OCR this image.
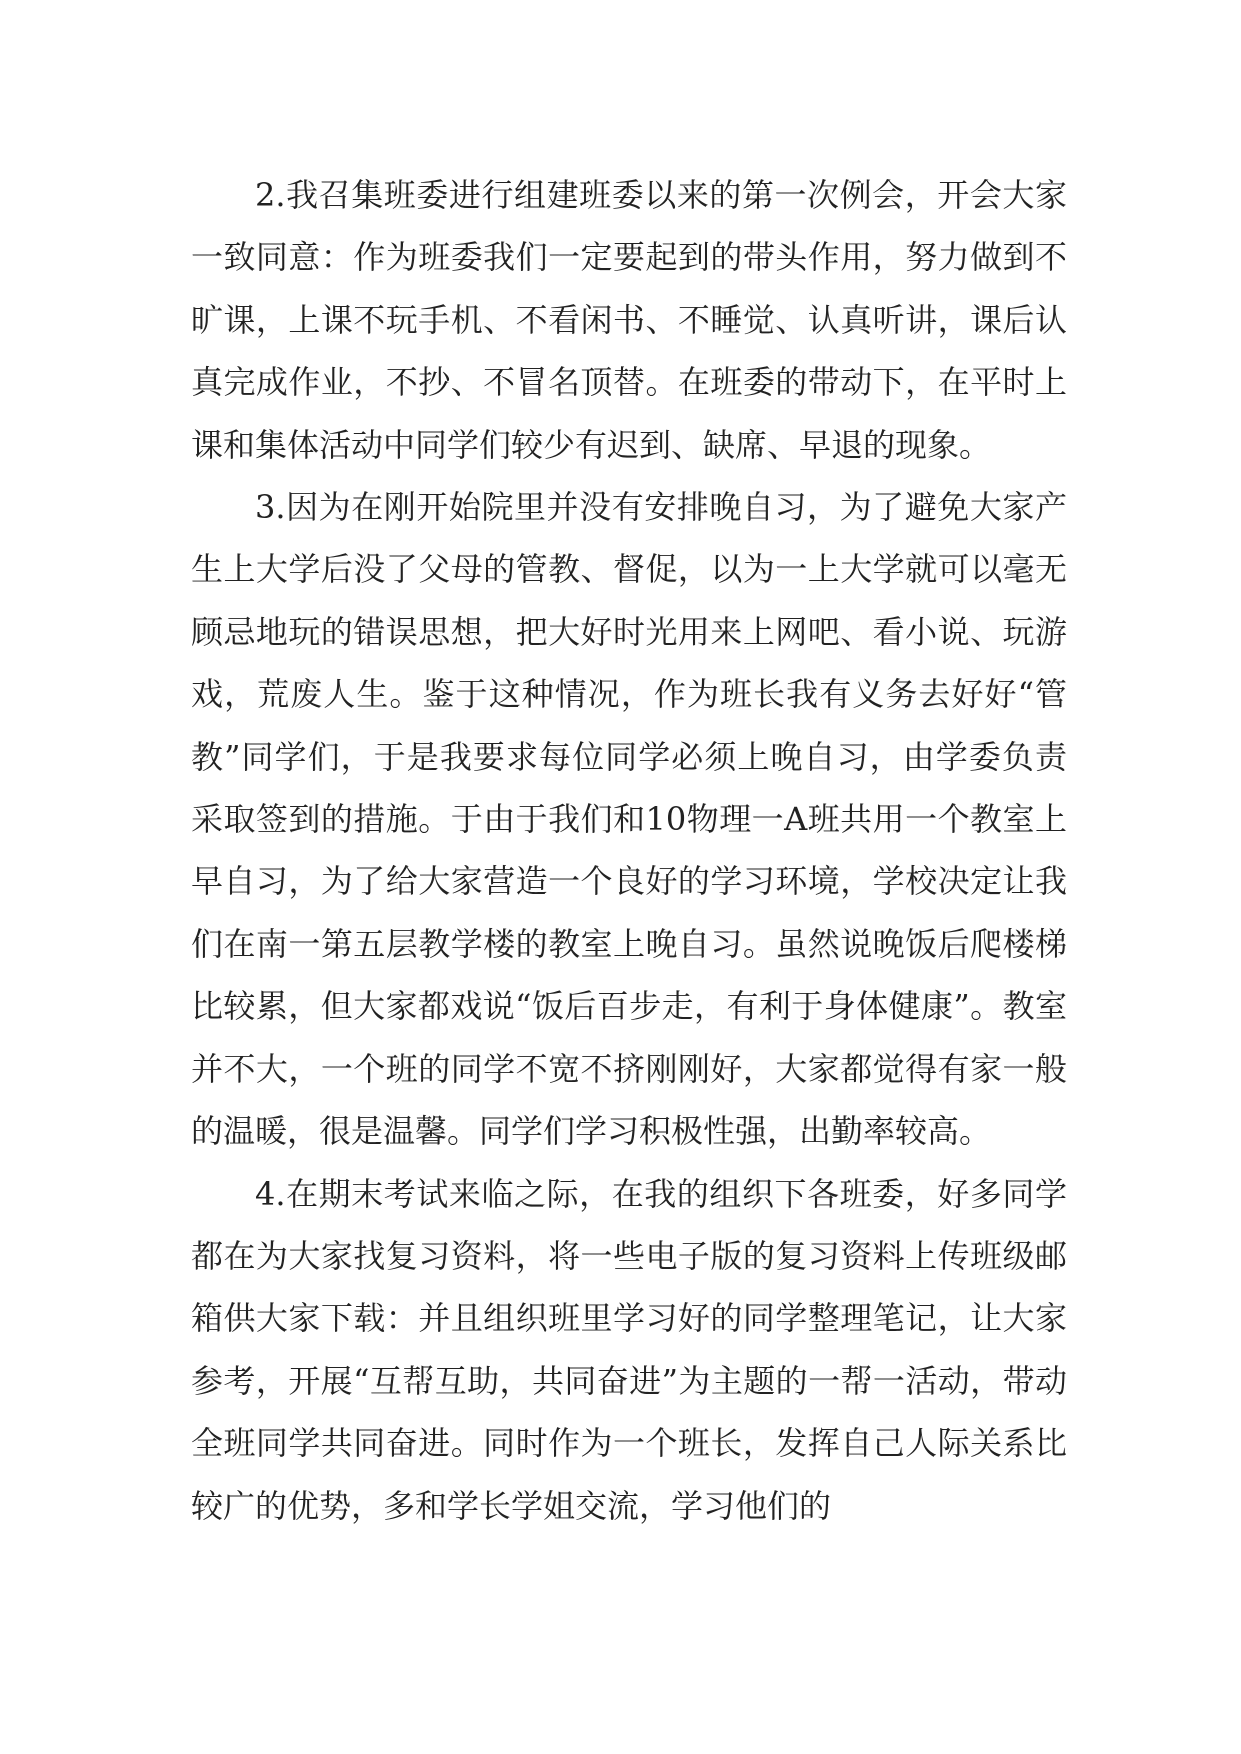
2.我召集班委进行组建班委以来的第一次例会，开会大家一致同意：作为班委我们一定要起到的带头作用，努力做到不旷课，上课不玩手机、不看闲书、不睡觉、认真听讲，课后认真完成作业，不抄、不冒名顶替。在班委的带动下，在平时上课和集体活动中同学们较少有迟到、缺席、早退的现象。

3.因为在刚开始院里并没有安排晚自习，为了避免大家产生上大学后没了父母的管教、督促，以为一上大学就可以毫无顾忌地玩的错误思想，把大好时光用来上网吧、看小说、玩游戏，荒废人生。鉴于这种情况，作为班长我有义务去好好“管教”同学们，于是我要求每位同学必须上晚自习，由学委负责采取签到的措施。于由于我们和10物理一A班共用一个教室上早自习，为了给大家营造一个良好的学习环境，学校决定让我们在南一第五层教学楼的教室上晚自习。虽然说晚饭后爬楼梯比较累，但大家都戏说“饭后百步走，有利于身体健康”。教室并不大，一个班的同学不宽不挤刚刚好，大家都觉得有家一般的温暖，很是温馨。同学们学习积极性强，出勤率较高。

4.在期末考试来临之际，在我的组织下各班委，好多同学都在为大家找复习资料，将一些电子版的复习资料上传班级邮箱供大家下载：并且组织班里学习好的同学整理笔记，让大家参考，开展“互帮互助，共同奋进”为主题的一帮一活动，带动全班同学共同奋进。同时作为一个班长，发挥自己人际关系比较广的优势，多和学长学姐交流，学习他们的
